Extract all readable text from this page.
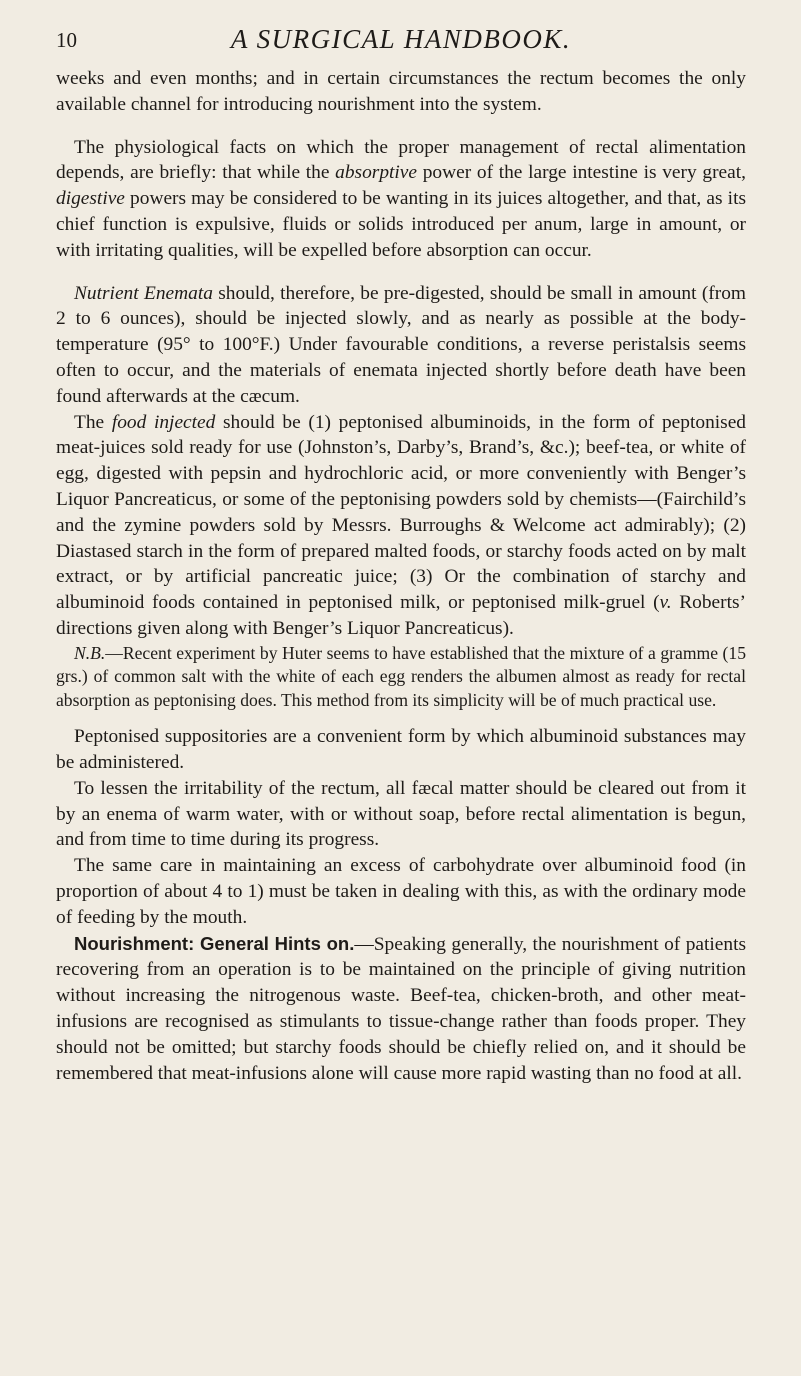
10	A SURGICAL HANDBOOK.

weeks and even months; and in certain circumstances the rectum becomes the only available channel for introducing nourishment into the system.

The physiological facts on which the proper management of rectal alimentation depends, are briefly: that while the absorptive power of the large intestine is very great, digestive powers may be considered to be wanting in its juices altogether, and that, as its chief function is expulsive, fluids or solids introduced per anum, large in amount, or with irritating qualities, will be expelled before absorption can occur.

Nutrient Enemata should, therefore, be pre-digested, should be small in amount (from 2 to 6 ounces), should be injected slowly, and as nearly as possible at the body-temperature (95° to 100°F.) Under favourable conditions, a reverse peristalsis seems often to occur, and the materials of enemata injected shortly before death have been found afterwards at the cæcum.

The food injected should be (1) peptonised albuminoids, in the form of peptonised meat-juices sold ready for use (Johnston’s, Darby’s, Brand’s, &c.); beef-tea, or white of egg, digested with pepsin and hydrochloric acid, or more conveniently with Benger’s Liquor Pancreaticus, or some of the peptonising powders sold by chemists—(Fairchild’s and the zymine powders sold by Messrs. Burroughs & Welcome act admirably); (2) Diastased starch in the form of prepared malted foods, or starchy foods acted on by malt extract, or by artificial pancreatic juice; (3) Or the combination of starchy and albuminoid foods contained in peptonised milk, or peptonised milk-gruel (v. Roberts’ directions given along with Benger’s Liquor Pancreaticus).

N.B.—Recent experiment by Huter seems to have established that the mixture of a gramme (15 grs.) of common salt with the white of each egg renders the albumen almost as ready for rectal absorption as peptonising does. This method from its simplicity will be of much practical use.

Peptonised suppositories are a convenient form by which albuminoid substances may be administered.

To lessen the irritability of the rectum, all fæcal matter should be cleared out from it by an enema of warm water, with or without soap, before rectal alimentation is begun, and from time to time during its progress.

The same care in maintaining an excess of carbohydrate over albuminoid food (in proportion of about 4 to 1) must be taken in dealing with this, as with the ordinary mode of feeding by the mouth.

Nourishment: General Hints on.—Speaking generally, the nourishment of patients recovering from an operation is to be maintained on the principle of giving nutrition without increasing the nitrogenous waste. Beef-tea, chicken-broth, and other meat-infusions are recognised as stimulants to tissue-change rather than foods proper. They should not be omitted; but starchy foods should be chiefly relied on, and it should be remembered that meat-infusions alone will cause more rapid wasting than no food at all.
